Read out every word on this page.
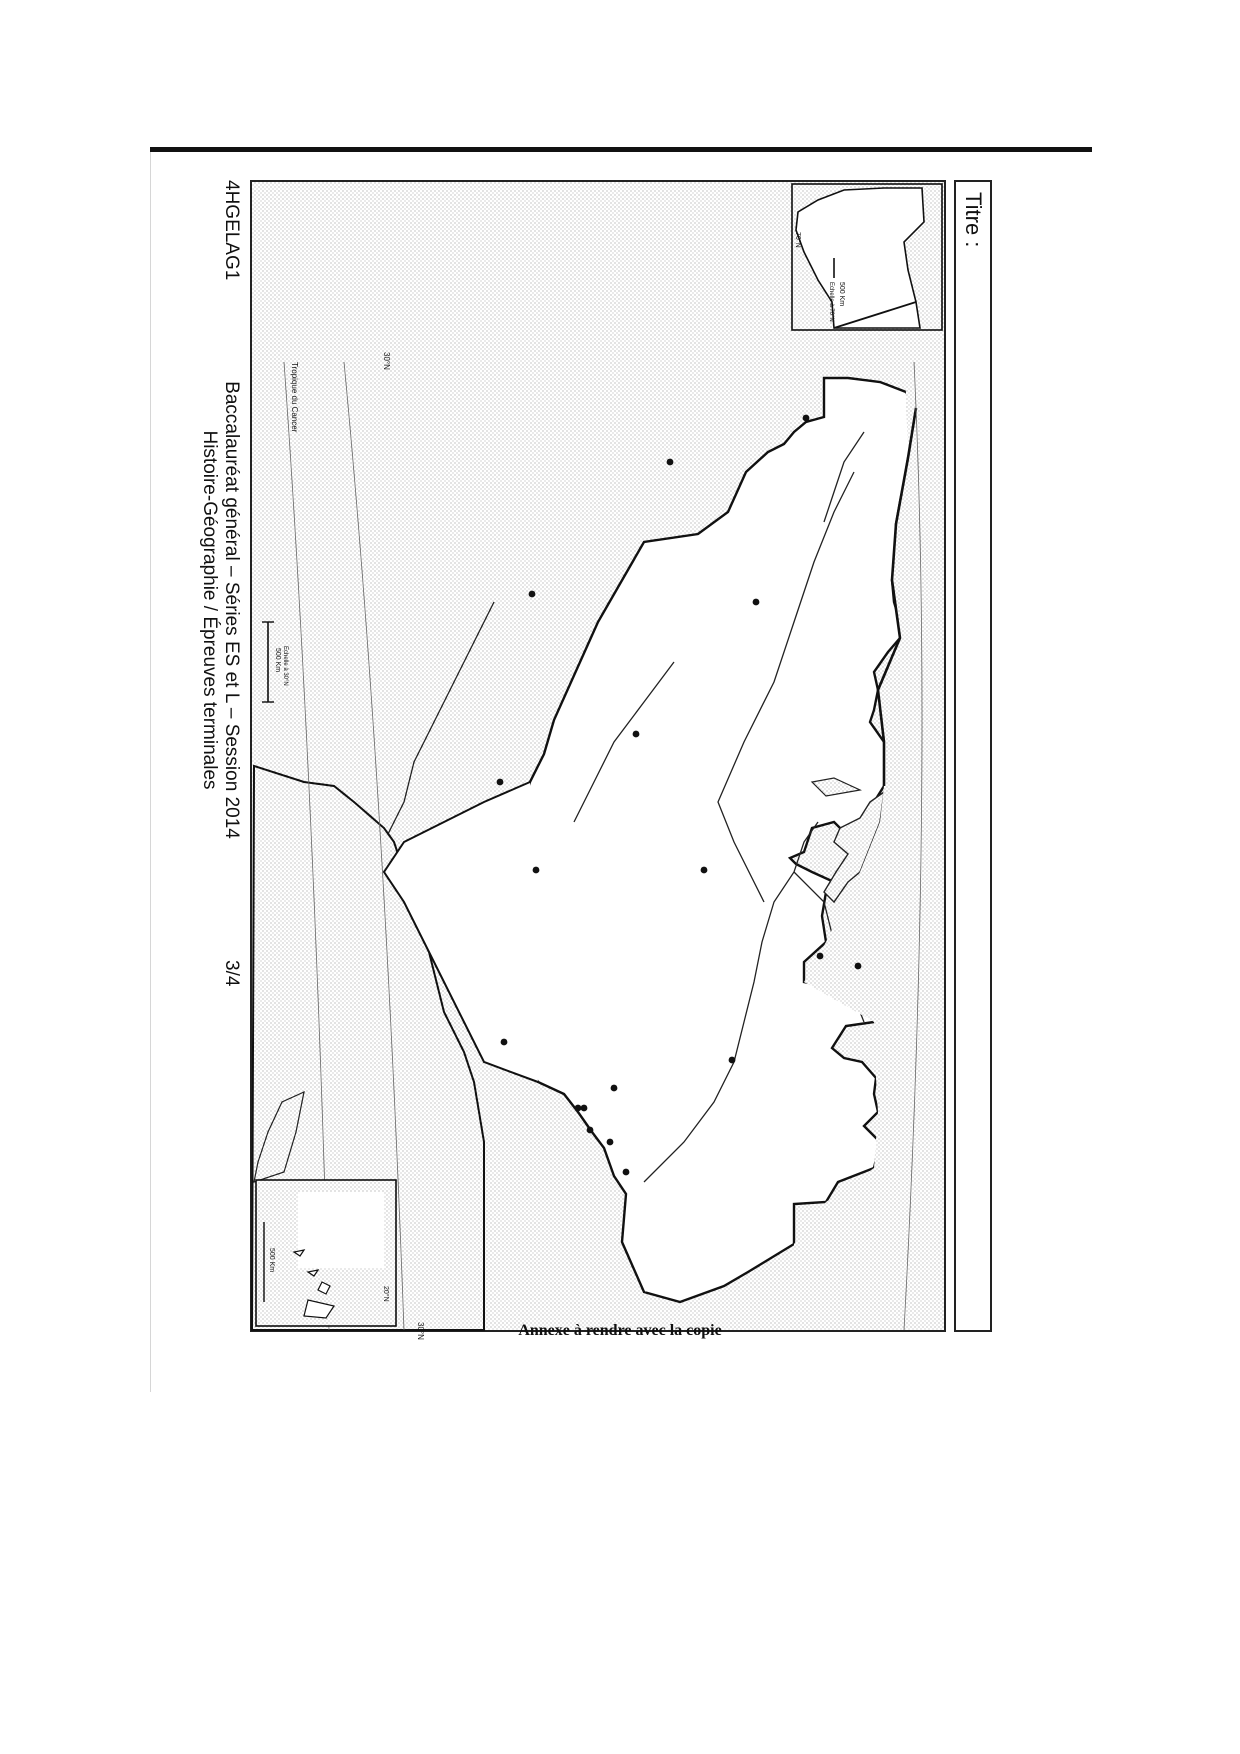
Titre :
500 Km
Echelle à 70°N
70°N
500 Km
20°N
500 Km Echelle à 30°N
30°N
30°N
Tropique du Cancer
4HGELAG1
Baccalauréat général – Séries ES et L – Session 2014
Histoire-Géographie / Épreuves terminales
3/4
Annexe à rendre avec la copie
